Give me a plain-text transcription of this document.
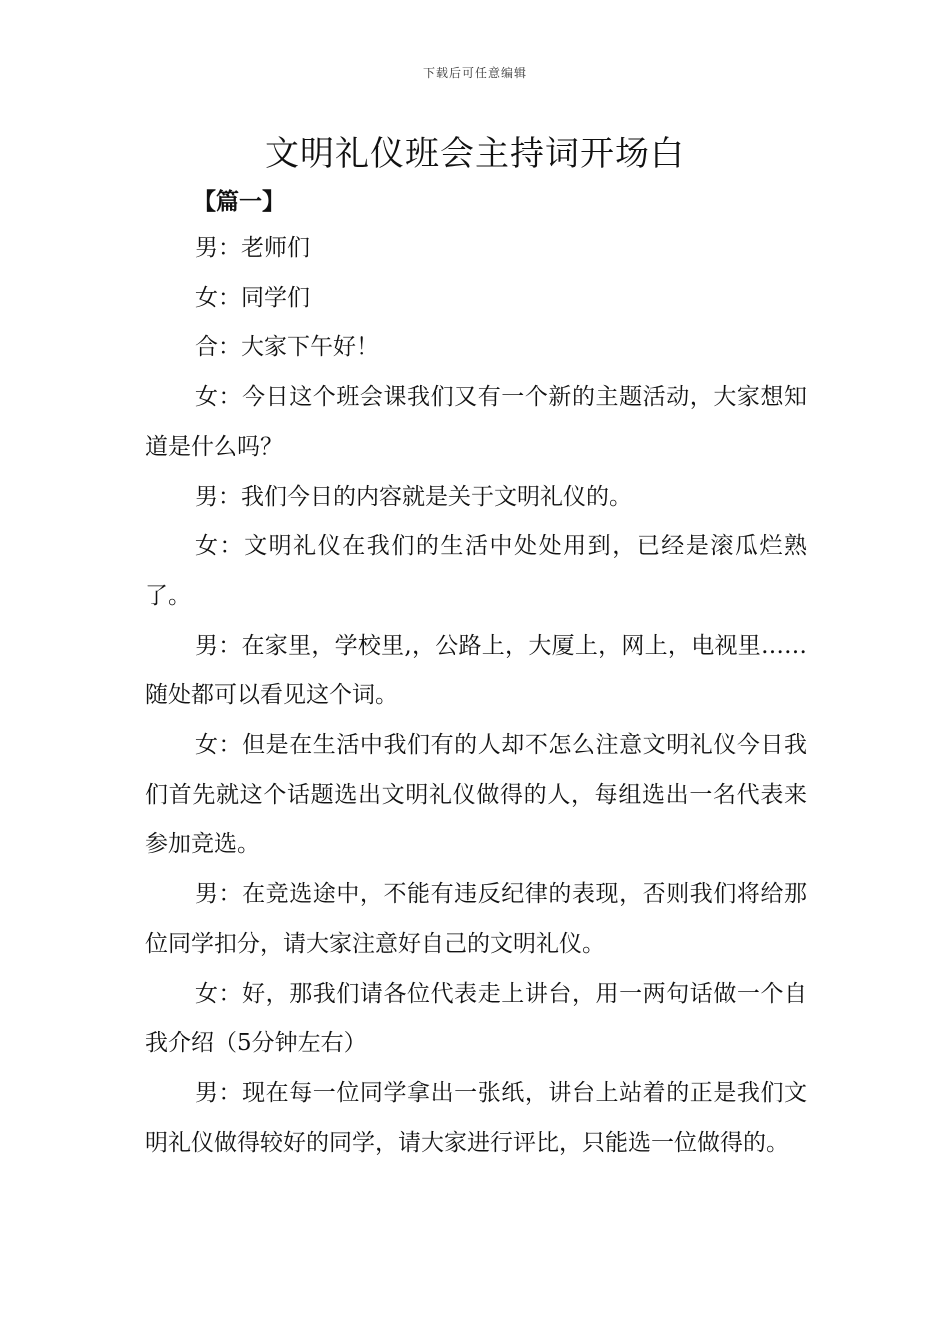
下载后可任意编辑
文明礼仪班会主持词开场白
【篇一】

男：老师们

女：同学们

合：大家下午好！

女：今日这个班会课我们又有一个新的主题活动，大家想知道是什么吗？

男：我们今日的内容就是关于文明礼仪的。

女：文明礼仪在我们的生活中处处用到，已经是滚瓜烂熟了。

男：在家里，学校里,，公路上，大厦上，网上，电视里……随处都可以看见这个词。

女：但是在生活中我们有的人却不怎么注意文明礼仪今日我们首先就这个话题选出文明礼仪做得的人，每组选出一名代表来参加竞选。

男：在竞选途中，不能有违反纪律的表现，否则我们将给那位同学扣分，请大家注意好自己的文明礼仪。

女：好，那我们请各位代表走上讲台，用一两句话做一个自我介绍（5分钟左右）

男：现在每一位同学拿出一张纸，讲台上站着的正是我们文明礼仪做得较好的同学，请大家进行评比，只能选一位做得的。
